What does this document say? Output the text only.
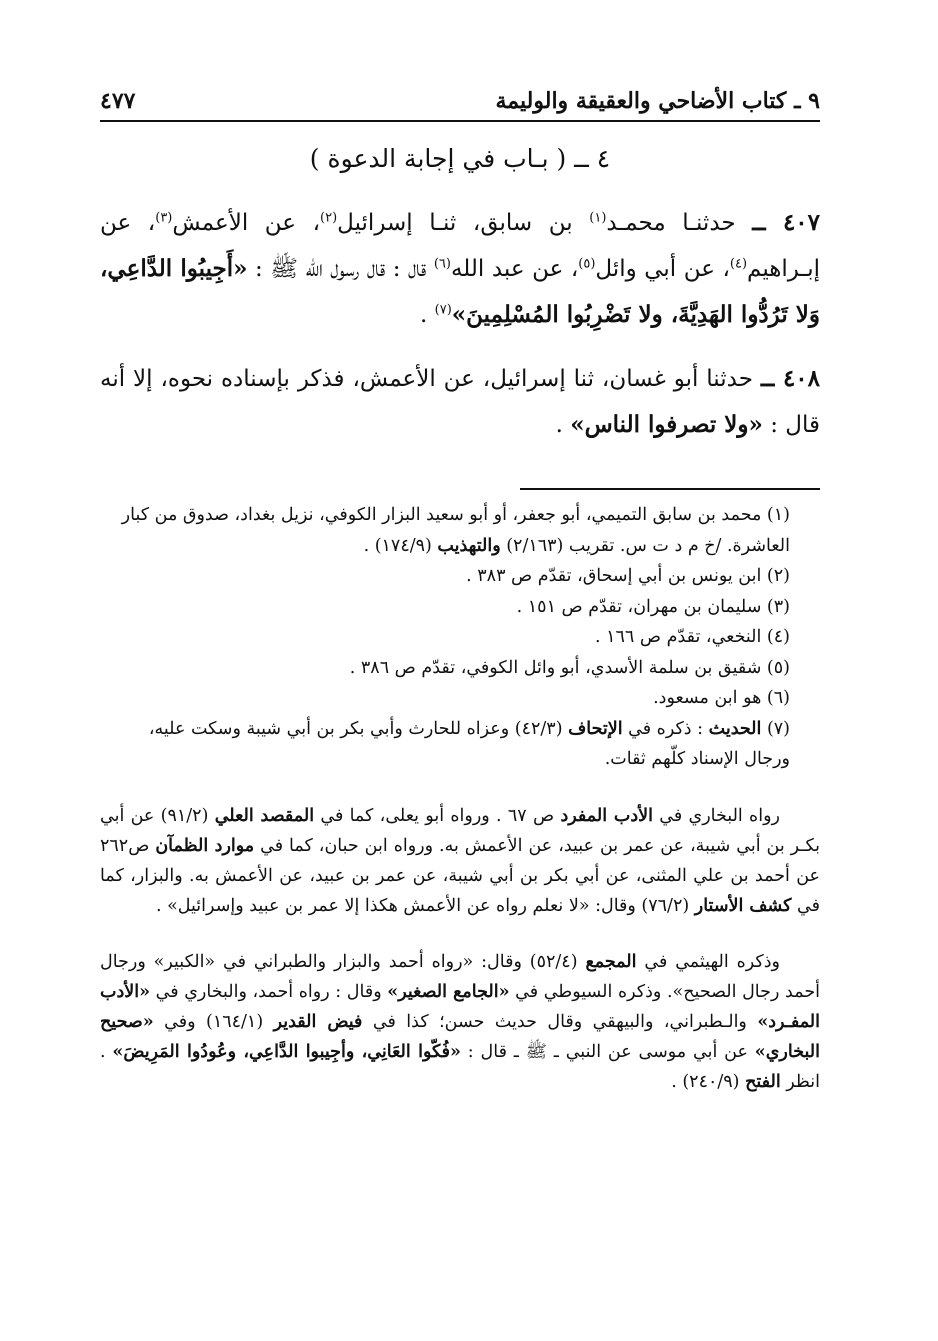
٩ ـ كتاب الأضاحي والعقيقة والوليمة
٤٧٧
٤ ــ ( بـاب في إجابة الدعوة )

٤٠٧ ــ حدثنـا محمـد$^{(١)}$ بن سابق، ثنـا إسرائيل$^{(٢)}$، عن الأعمش$^{(٣)}$، عن إبـراهيم$^{(٤)}$، عن أبي وائل$^{(٥)}$، عن عبد الله$^{(٦)}$ قال : قال رسول الله ﷺ : «أَجِيبُوا الدَّاعِي، وَلا تَرُدُّوا الهَدِيَّةَ، ولا تَضْرِبُوا المُسْلِمِينَ»$^{(٧)}$ .

٤٠٨ ــ حدثنا أبو غسان، ثنا إسرائيل، عن الأعمش، فذكر بإسناده نحوه، إلا أنه قال : «ولا تصرفوا الناس» .

(١) محمد بن سابق التميمي، أبو جعفر، أو أبو سعيد البزار الكوفي، نزيل بغداد، صدوق من كبار العاشرة. /خ م د ت س. تقريب (٢/١٦٣) والتهذيب (١٧٤/٩) .

(٢) ابن يونس بن أبي إسحاق، تقدّم ص ٣٨٣ .

(٣) سليمان بن مهران، تقدّم ص ١٥١ .

(٤) النخعي، تقدّم ص ١٦٦ .

(٥) شقيق بن سلمة الأسدي، أبو وائل الكوفي، تقدّم ص ٣٨٦ .

(٦) هو ابن مسعود.

(٧) الحديث : ذكره في الإتحاف (٤٢/٣) وعزاه للحارث وأبي بكر بن أبي شيبة وسكت عليه، ورجال الإسناد كلّهم ثقات.

رواه البخاري في الأدب المفرد ص ٦٧ . ورواه أبو يعلى، كما في المقصد العلي (٩١/٢) عن أبي بكـر بن أبي شيبة، عن عمر بن عبيد، عن الأعمش به. ورواه ابن حبان، كما في موارد الظمآن ص٢٦٢ عن أحمد بن علي المثنى، عن أبي بكر بن أبي شيبة، عن عمر بن عبيد، عن الأعمش به. والبزار، كما في كشف الأستار (٧٦/٢) وقال: «لا نعلم رواه عن الأعمش هكذا إلا عمر بن عبيد وإسرائيل» .

وذكره الهيثمي في المجمع (٥٢/٤) وقال: «رواه أحمد والبزار والطبراني في «الكبير» ورجال أحمد رجال الصحيح». وذكره السيوطي في «الجامع الصغير» وقال : رواه أحمد، والبخاري في «الأدب المفـرد» والـطبراني، والبيهقي وقال حديث حسن؛ كذا في فيض القدير (١٦٤/١) وفي «صحيح البخاري» عن أبي موسى عن النبي ـ ﷺ ـ قال : «فُكّوا العَانِي، وأجِيبوا الدَّاعِي، وعُودُوا المَرِيضَ» . انظر الفتح (٢٤٠/٩) .
